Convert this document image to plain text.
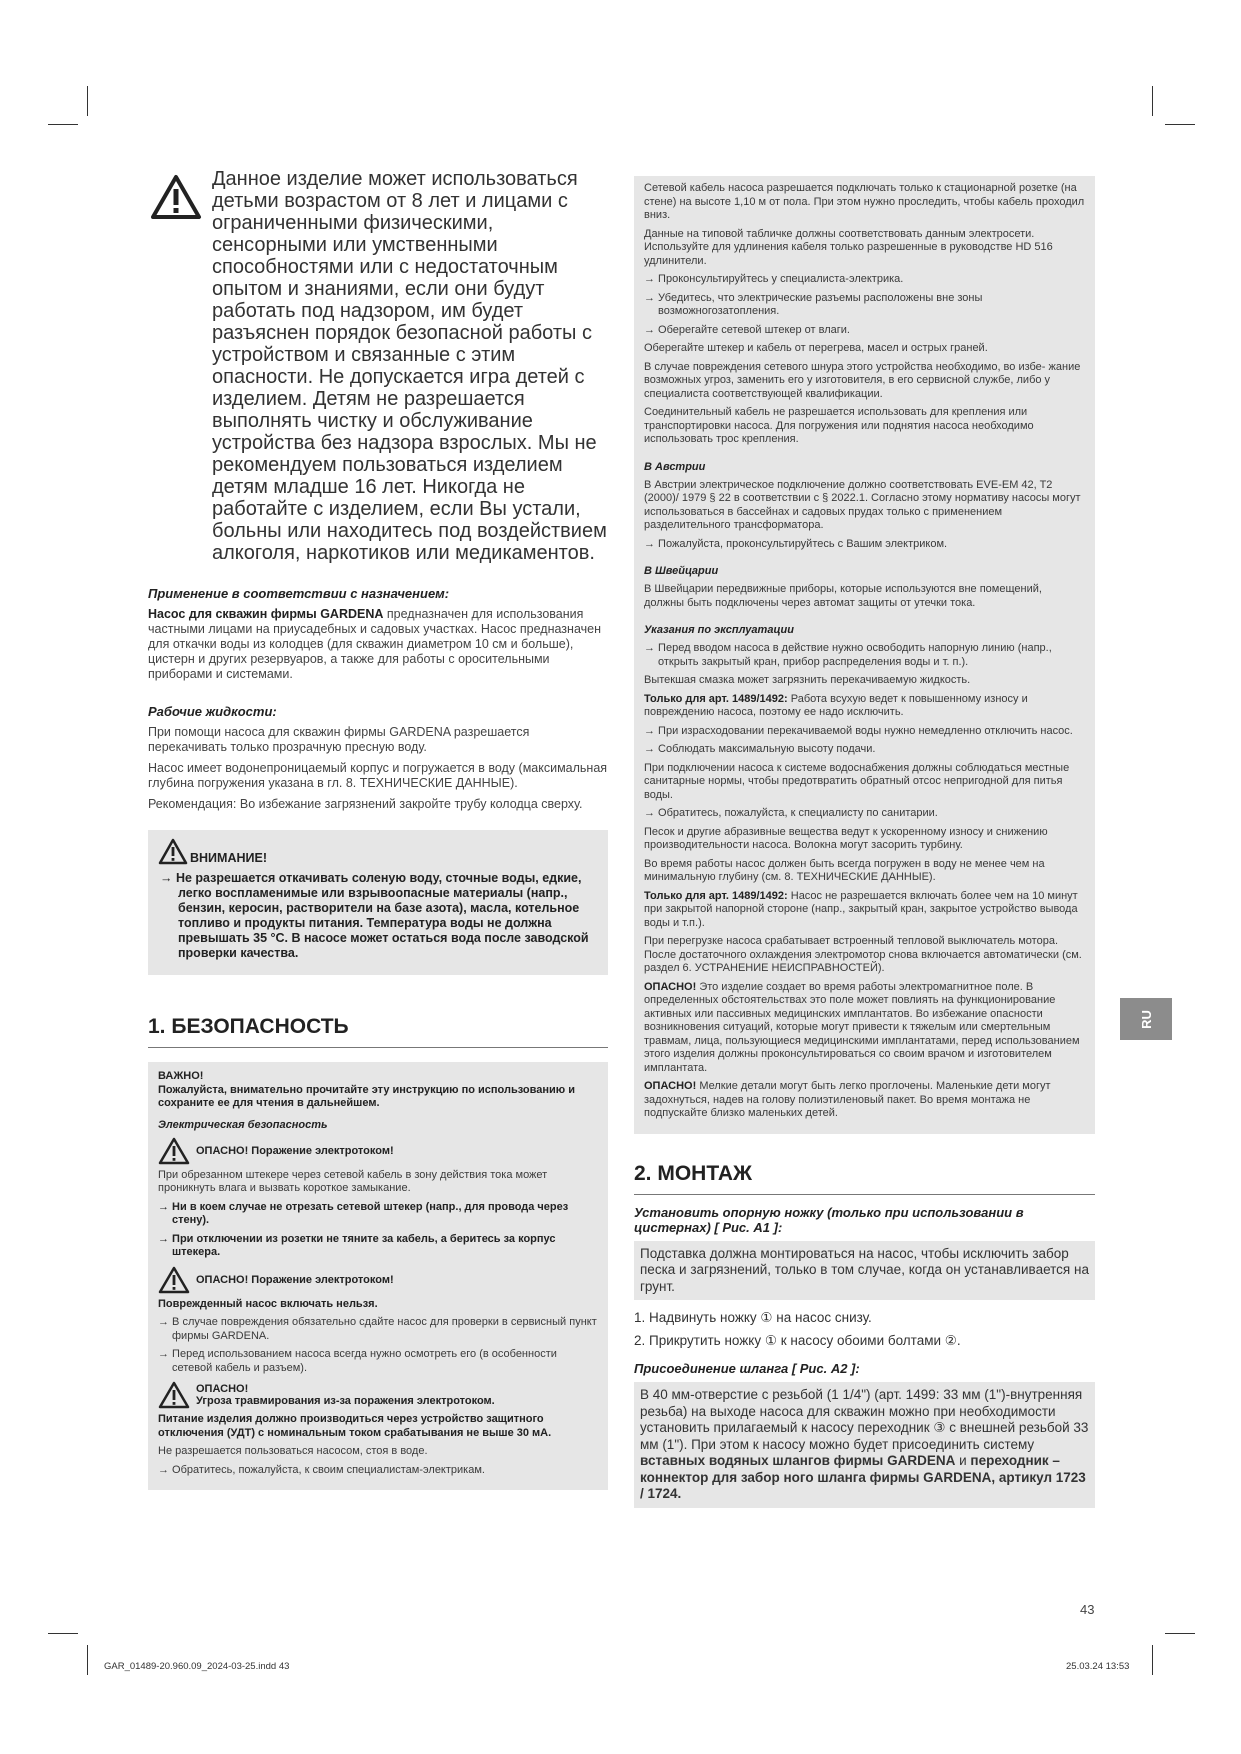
Данное изделие может использоваться детьми возрастом от 8 лет и лицами с ограниченными физическими, сенсорными или умственными способностями или с недостаточным опытом и знаниями, если они будут работать под надзором, им будет разъяснен порядок безопасной работы с устройством и связанные с этим опасности. Не допускается игра детей с изделием. Детям не разрешается выполнять чистку и обслуживание устройства без надзора взрослых. Мы не рекомендуем пользоваться изделием детям младше 16 лет. Никогда не работайте с изделием, если Вы устали, больны или находитесь под воздействием алкоголя, наркотиков или медикаментов.
Применение в соответствии с назначением:

Насос для скважин фирмы GARDENA предназначен для использования частными лицами на приусадебных и садовых участках. Насос предназначен для откачки воды из колодцев (для скважин диаметром 10 см и больше), цистерн и других резервуаров, а также для работы с оросительными приборами и системами.

Рабочие жидкости:

При помощи насоса для скважин фирмы GARDENA разрешается перекачивать только прозрачную пресную воду.

Насос имеет водонепроницаемый корпус и погружается в воду (максимальная глубина погружения указана в гл. 8. ТЕХНИЧЕСКИЕ ДАННЫЕ).

Рекомендация: Во избежание загрязнений закройте трубу колодца сверху.

ВНИМАНИЕ!

→ Не разрешается откачивать соленую воду, сточные воды, едкие, легко воспламенимые или взрывоопасные материалы (напр., бензин, керосин, растворители на базе азота), масла, котельное топливо и продукты питания. Температура воды не должна превышать 35 °C. В насосе может остаться вода после заводской проверки качества.

1. БЕЗОПАСНОСТЬ
ВАЖНО!
Пожалуйста, внимательно прочитайте эту инструкцию по использованию и сохраните ее для чтения в дальнейшем.
Электрическая безопасность
ОПАСНО! Поражение электротоком!

При обрезанном штекере через сетевой кабель в зону действия тока может проникнуть влага и вызвать короткое замыкание.

→ Ни в коем случае не отрезать сетевой штекер (напр., для провода через стену).

→ При отключении из розетки не тяните за кабель, а беритесь за корпус штекера.

ОПАСНО! Поражение электротоком!

Поврежденный насос включать нельзя.

→ В случае повреждения обязательно сдайте насос для проверки в сервисный пункт фирмы GARDENA.

→ Перед использованием насоса всегда нужно осмотреть его (в особенности сетевой кабель и разъем).

ОПАСНО!
Угроза травмирования из-за поражения электротоком.

Питание изделия должно производиться через устройство защитного отключения (УДТ) с номинальным током срабатывания не выше 30 мА.

Не разрешается пользоваться насосом, стоя в воде.

→ Обратитесь, пожалуйста, к своим специалистам-электрикам.

Сетевой кабель насоса разрешается подключать только к стационарной розетке (на стене) на высоте 1,10 м от пола. При этом нужно проследить, чтобы кабель проходил вниз.

Данные на типовой табличке должны соответствовать данным электросети. Используйте для удлинения кабеля только разрешенные в руководстве HD 516 удлинители.

→ Проконсультируйтесь у специалиста-электрика.

→ Убедитесь, что электрические разъемы расположены вне зоны возможногозатопления.

→ Оберегайте сетевой штекер от влаги.

Оберегайте штекер и кабель от перегрева, масел и острых граней.

В случае повреждения сетевого шнура этого устройства необходимо, во избе- жание возможных угроз, заменить его у изготовителя, в его сервисной службе, либо у специалиста соответствующей квалификации.

Соединительный кабель не разрешается использовать для крепления или транспортировки насоса. Для погружения или поднятия насоса необходимо использовать трос крепления.

В Австрии

В Австрии электрическое подключение должно соответствовать EVE-EM 42, T2 (2000)/ 1979 § 22 в соответствии с § 2022.1. Согласно этому нормативу насосы могут использоваться в бассейнах и садовых прудах только с применением разделительного трансформатора.

→ Пожалуйста, проконсультируйтесь с Вашим электриком.

В Швейцарии

В Швейцарии передвижные приборы, которые используются вне помещений, должны быть подключены через автомат защиты от утечки тока.

Указания по эксплуатации

→ Перед вводом насоса в действие нужно освободить напорную линию (напр., открыть закрытый кран, прибор распределения воды и т. п.).

Вытекшая смазка может загрязнить перекачиваемую жидкость.

Только для арт. 1489/1492: Работа всухую ведет к повышенному износу и повреждению насоса, поэтому ее надо исключить.

→ При израсходовании перекачиваемой воды нужно немедленно отключить насос.

→ Соблюдать максимальную высоту подачи.

При подключении насоса к системе водоснабжения должны соблюдаться местные санитарные нормы, чтобы предотвратить обратный отсос непригодной для питья воды.

→ Обратитесь, пожалуйста, к специалисту по санитарии.

Песок и другие абразивные вещества ведут к ускоренному износу и снижению производительности насоса. Волокна могут засорить турбину.

Во время работы насос должен быть всегда погружен в воду не менее чем на минимальную глубину (см. 8. ТЕХНИЧЕСКИЕ ДАННЫЕ).

Только для арт. 1489/1492: Насос не разрешается включать более чем на 10 минут при закрытой напорной стороне (напр., закрытый кран, закрытое устройство вывода воды и т.п.).

При перегрузке насоса срабатывает встроенный тепловой выключатель мотора. После достаточного охлаждения электромотор снова включается автоматически (см. раздел 6. УСТРАНЕНИЕ НЕИСПРАВНОСТЕЙ).

ОПАСНО! Это изделие создает во время работы электромагнитное поле. В определенных обстоятельствах это поле может повлиять на функционирование активных или пассивных медицинских имплантатов. Во избежание опасности возникновения ситуаций, которые могут привести к тяжелым или смертельным травмам, лица, пользующиеся медицинскими имплантатами, перед использованием этого изделия должны проконсультироваться со своим врачом и изготовителем имплантата.

ОПАСНО! Мелкие детали могут быть легко проглочены. Маленькие дети могут задохнуться, надев на голову полиэтиленовый пакет. Во время монтажа не подпускайте близко маленьких детей.

2. МОНТАЖ
Установить опорную ножку (только при использовании в цистернах) [ Рис. A1 ]:
Подставка должна монтироваться на насос, чтобы исключить забор песка и загрязнений, только в том случае, когда он устанавливается на грунт.

1. Надвинуть ножку ① на насос снизу.

2. Прикрутить ножку ① к насосу обоими болтами ②.

Присоединение шланга [ Рис. A2 ]:
В 40 мм-отверстие с резьбой (1 1/4") (арт. 1499: 33 мм (1")-внутренняя резьба) на выходе насоса для скважин можно при необходимости установить прилагаемый к насосу переходник ③ с внешней резьбой 33 мм (1"). При этом к насосу можно будет присоединить систему вставных водяных шлангов фирмы GARDENA и переходник – коннектор для забор ного шланга фирмы GARDENA, артикул 1723 / 1724.
RU
43
GAR_01489-20.960.09_2024-03-25.indd 43	25.03.24 13:53
